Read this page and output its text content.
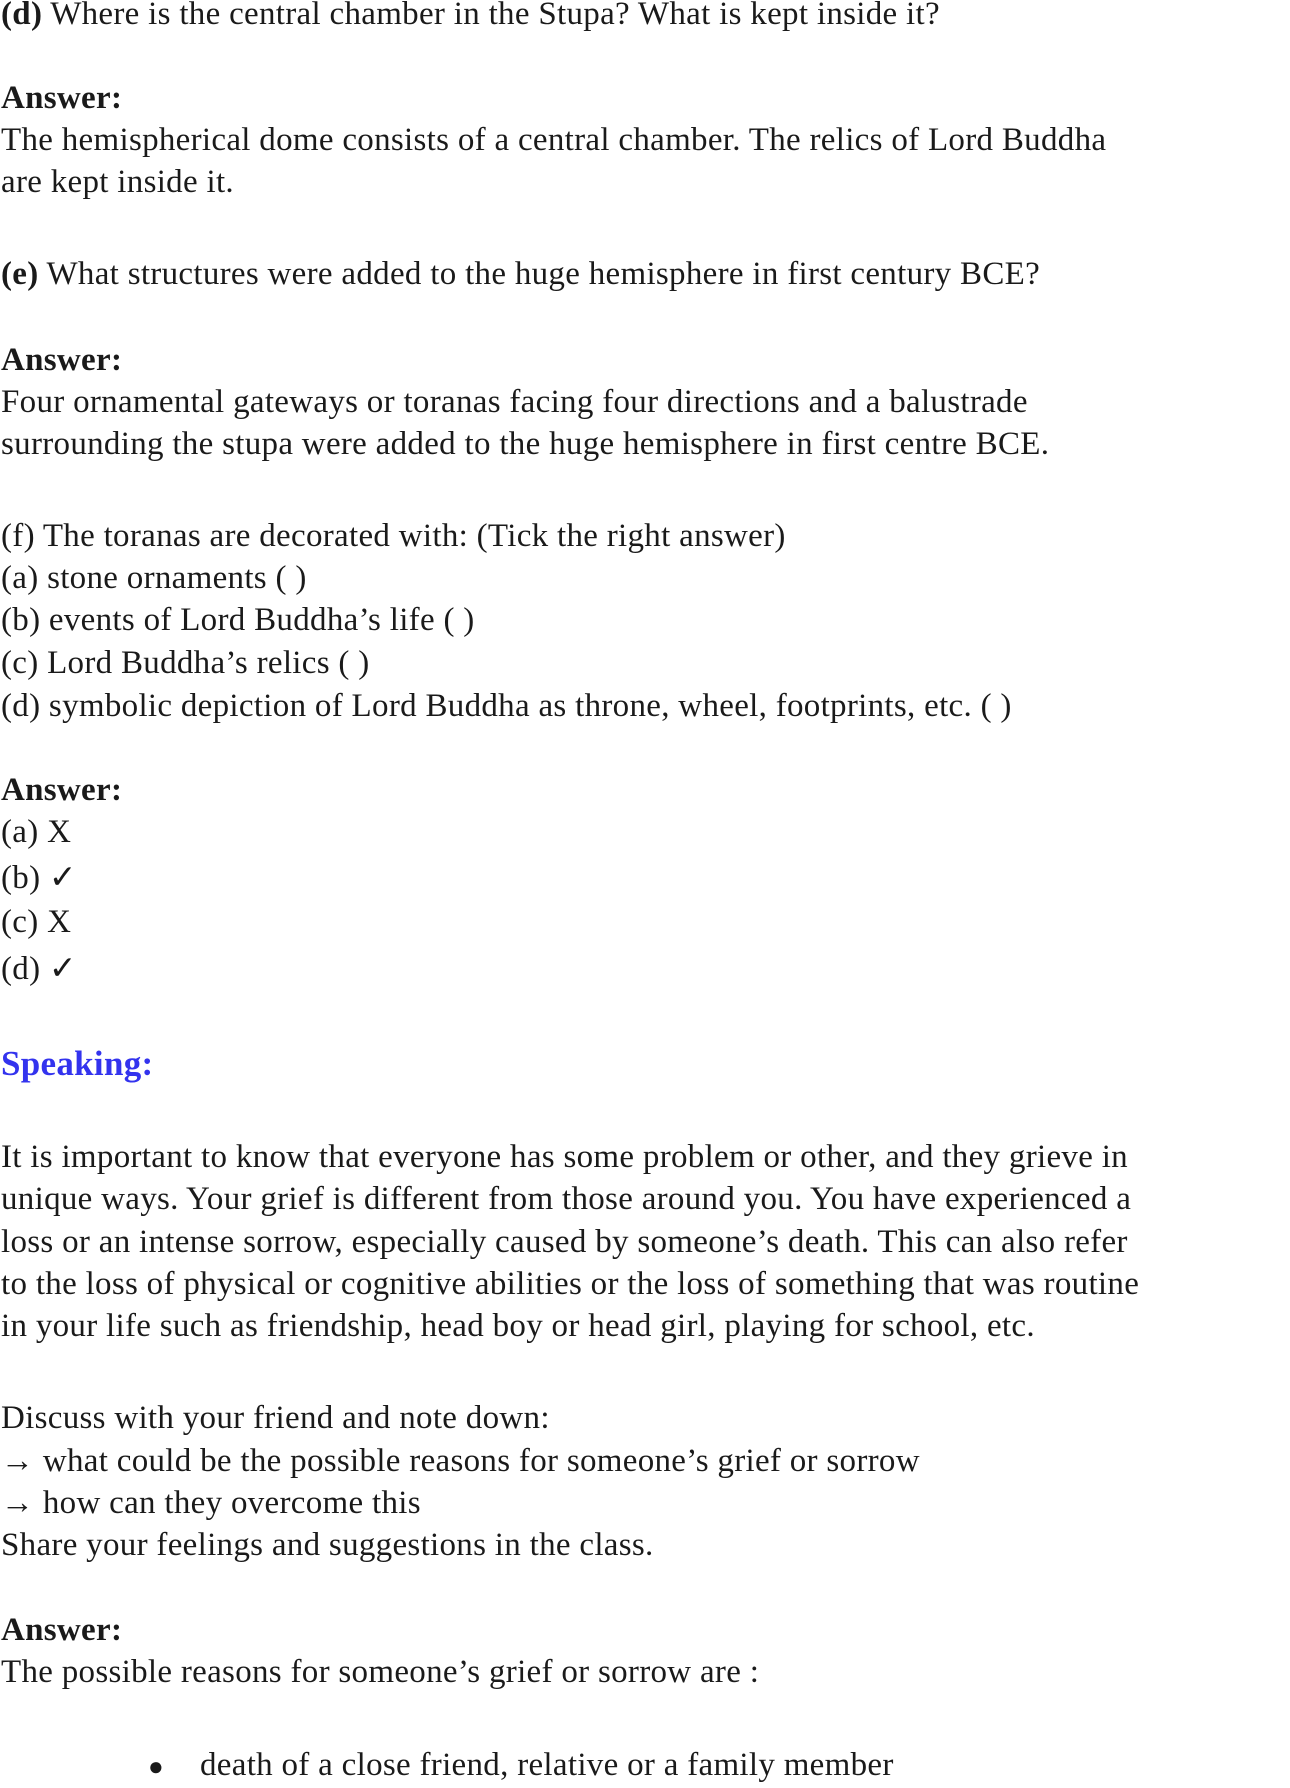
(d) Where is the central chamber in the Stupa? What is kept inside it?
Answer:
The hemispherical dome consists of a central chamber. The relics of Lord Buddha
are kept inside it.
(e) What structures were added to the huge hemisphere in first century BCE?
Answer:
Four ornamental gateways or toranas facing four directions and a balustrade
surrounding the stupa were added to the huge hemisphere in first centre BCE.
(f) The toranas are decorated with: (Tick the right answer)
(a) stone ornaments ( )
(b) events of Lord Buddha’s life ( )
(c) Lord Buddha’s relics ( )
(d) symbolic depiction of Lord Buddha as throne, wheel, footprints, etc. ( )
Answer:
(a) X
(b) ✓
(c) X
(d) ✓
Speaking:
It is important to know that everyone has some problem or other, and they grieve in
unique ways. Your grief is different from those around you. You have experienced a
loss or an intense sorrow, especially caused by someone’s death. This can also refer
to the loss of physical or cognitive abilities or the loss of something that was routine
in your life such as friendship, head boy or head girl, playing for school, etc.
Discuss with your friend and note down:
→ what could be the possible reasons for someone’s grief or sorrow
→ how can they overcome this
Share your feelings and suggestions in the class.
Answer:
The possible reasons for someone’s grief or sorrow are :
● death of a close friend, relative or a family member
